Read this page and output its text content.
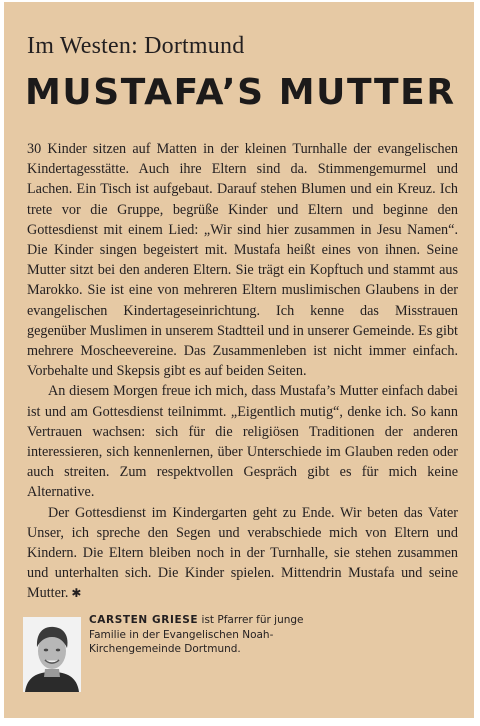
Im Westen: Dortmund
MUSTAFA’S MUTTER

30 Kinder sitzen auf Matten in der kleinen Turnhalle der evangelischen Kindertagesstätte. Auch ihre Eltern sind da. Stimmengemurmel und Lachen. Ein Tisch ist aufgebaut. Darauf stehen Blumen und ein Kreuz. Ich trete vor die Gruppe, begrüße Kinder und Eltern und beginne den Gottesdienst mit einem Lied: „Wir sind hier zusammen in Jesu Namen“. Die Kinder singen begeistert mit. Mustafa heißt eines von ihnen. Seine Mutter sitzt bei den anderen Eltern. Sie trägt ein Kopftuch und stammt aus Marokko. Sie ist eine von mehreren Eltern muslimischen Glaubens in der evangelischen Kindertageseinrichtung. Ich kenne das Misstrauen gegenüber Muslimen in unserem Stadtteil und in unserer Gemeinde. Es gibt mehrere Moscheevereine. Das Zusammenleben ist nicht immer einfach. Vorbehalte und Skepsis gibt es auf beiden Seiten.

An diesem Morgen freue ich mich, dass Mustafa’s Mutter einfach dabei ist und am Gottesdienst teilnimmt. „Eigentlich mutig“, denke ich. So kann Vertrauen wachsen: sich für die religiösen Traditionen der anderen interessieren, sich kennenlernen, über Unterschiede im Glauben reden oder auch streiten. Zum respektvollen Gespräch gibt es für mich keine Alternative.

Der Gottesdienst im Kindergarten geht zu Ende. Wir beten das Vater Unser, ich spreche den Segen und verabschiede mich von Eltern und Kindern. Die Eltern bleiben noch in der Turnhalle, sie stehen zusammen und unterhalten sich. Die Kinder spielen. Mittendrin Mustafa und seine Mutter. ✱

CARSTEN GRIESE ist Pfarrer für junge Familie in der Evangelischen Noah-Kirchengemeinde Dortmund.
